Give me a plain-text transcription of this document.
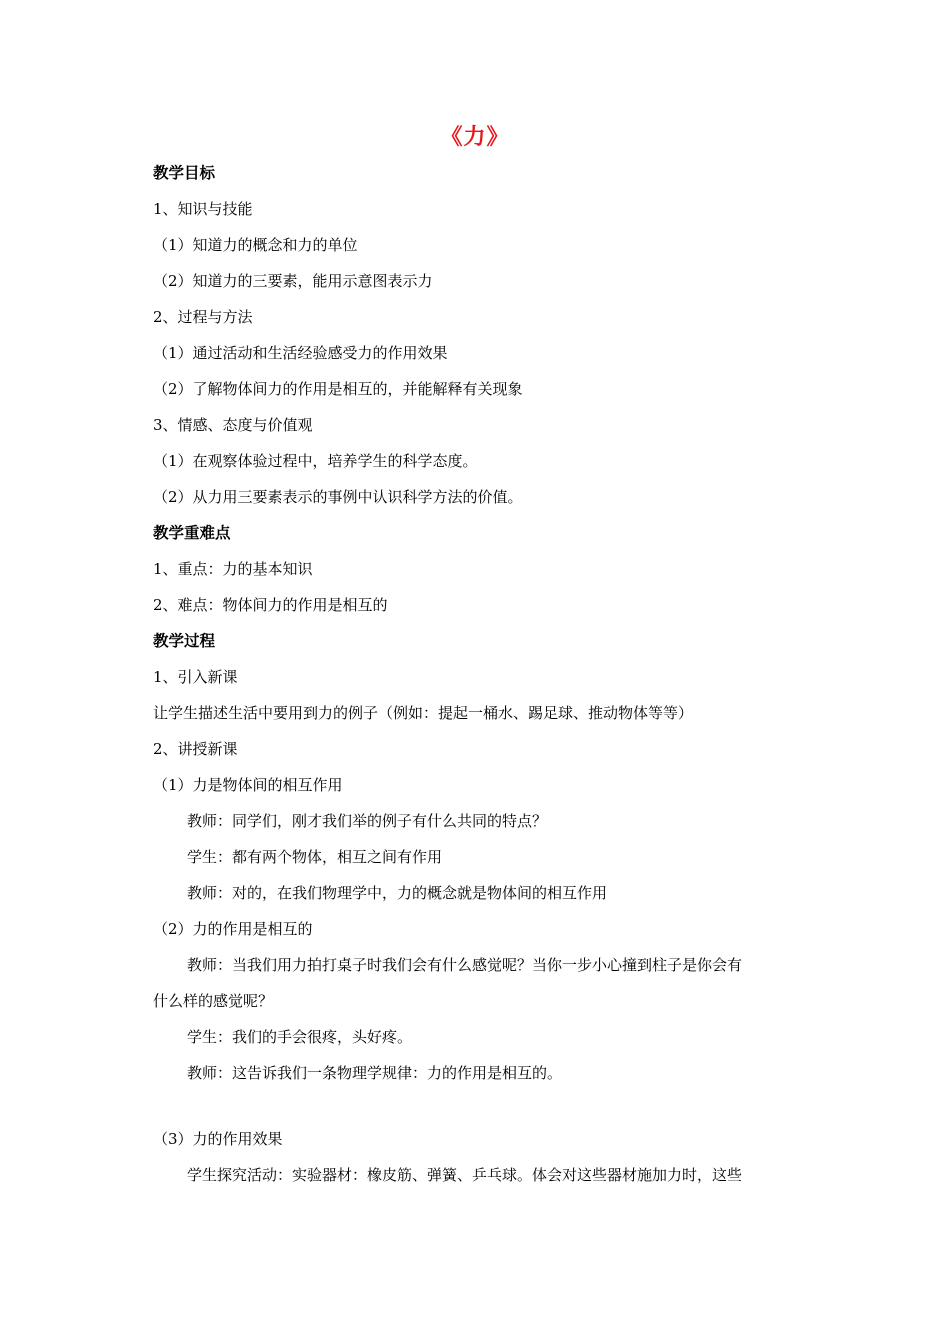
《力》
教学目标
1、知识与技能
（1）知道力的概念和力的单位
（2）知道力的三要素，能用示意图表示力
2、过程与方法
（1）通过活动和生活经验感受力的作用效果
（2）了解物体间力的作用是相互的，并能解释有关现象
3、情感、态度与价值观
（1）在观察体验过程中，培养学生的科学态度。
（2）从力用三要素表示的事例中认识科学方法的价值。
教学重难点
1、重点：力的基本知识
2、难点：物体间力的作用是相互的
教学过程
1、引入新课
让学生描述生活中要用到力的例子（例如：提起一桶水、踢足球、推动物体等等）
2、讲授新课
（1）力是物体间的相互作用
教师：同学们，刚才我们举的例子有什么共同的特点？
学生：都有两个物体，相互之间有作用
教师：对的，在我们物理学中，力的概念就是物体间的相互作用
（2）力的作用是相互的
教师：当我们用力拍打桌子时我们会有什么感觉呢？当你一步小心撞到柱子是你会有
什么样的感觉呢？
学生：我们的手会很疼，头好疼。
教师：这告诉我们一条物理学规律：力的作用是相互的。
（3）力的作用效果
学生探究活动：实验器材：橡皮筋、弹簧、乒乓球。体会对这些器材施加力时，这些
